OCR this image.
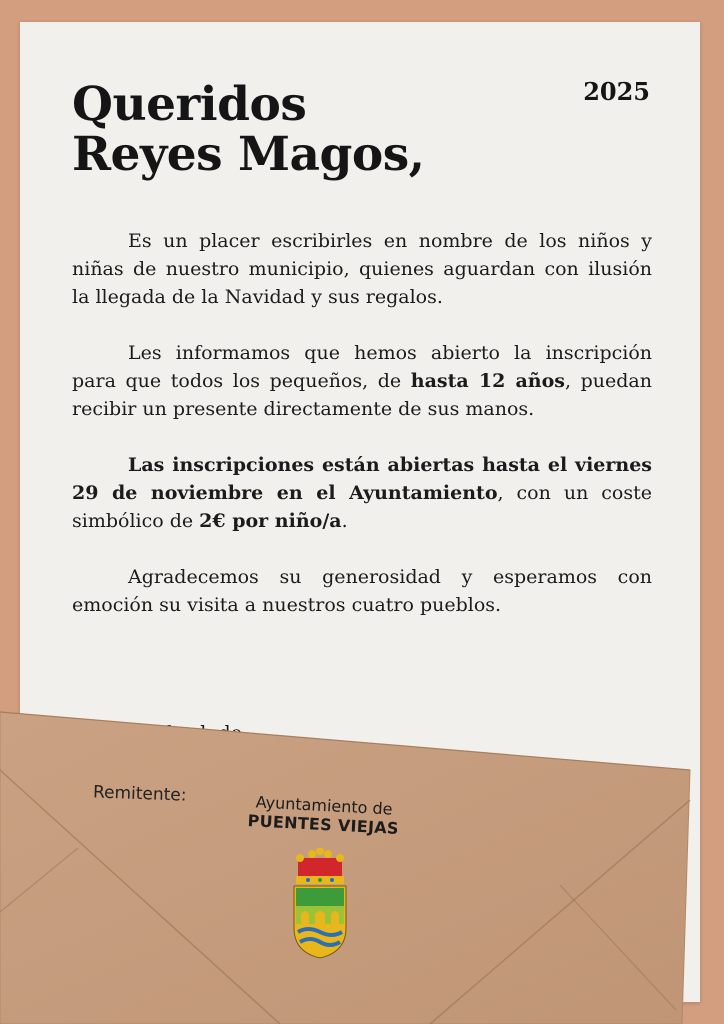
Queridos
Reyes Magos,
2025

Es un placer escribirles en nombre de los niños y niñas de nuestro municipio, quienes aguardan con ilusión la llegada de la Navidad y sus regalos.

Les informamos que hemos abierto la inscripción para que todos los pequeños, de hasta 12 años, puedan recibir un presente directamente de sus manos.

Las inscripciones están abiertas hasta el viernes 29 de noviembre en el Ayuntamiento, con un coste simbólico de 2€ por niño/a.

Agradecemos su generosidad y esperamos con emoción su visita a nuestros cuatro pueblos.

Remitente:	Ayuntamiento de
PUENTES VIEJAS
